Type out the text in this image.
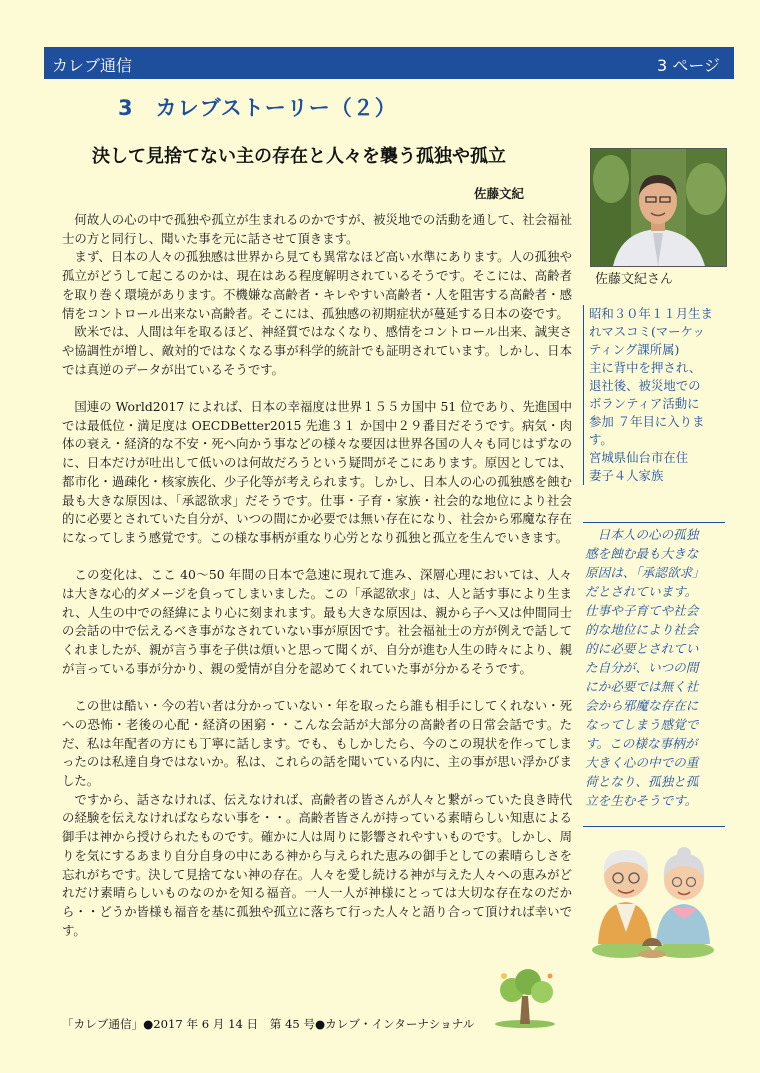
カレブ通信	3 ページ
3　カレブストーリー（２）
決して見捨てない主の存在と人々を襲う孤独や孤立
佐藤文紀

何故人の心の中で孤独や孤立が生まれるのかですが、被災地での活動を通して、社会福祉士の方と同行し、聞いた事を元に話させて頂きます。

まず、日本の人々の孤独感は世界から見ても異常なほど高い水準にあります。人の孤独や孤立がどうして起こるのかは、現在はある程度解明されているそうです。そこには、高齢者を取り巻く環境があります。不機嫌な高齢者・キレやすい高齢者・人を阻害する高齢者・感情をコントロール出来ない高齢者。そこには、孤独感の初期症状が蔓延する日本の姿です。

欧米では、人間は年を取るほど、神経質ではなくなり、感情をコントロール出来、誠実さや協調性が増し、敵対的ではなくなる事が科学的統計でも証明されています。しかし、日本では真逆のデータが出ているそうです。

国連の World2017 によれば、日本の幸福度は世界１５５カ国中 51 位であり、先進国中では最低位・満足度は OECDBetter2015 先進３１ か国中２９番目だそうです。病気・肉体の衰え・経済的な不安・死へ向かう事などの様々な要因は世界各国の人々も同じはずなのに、日本だけが吐出して低いのは何故だろうという疑問がそこにあります。原因としては、都市化・過疎化・核家族化、少子化等が考えられます。しかし、日本人の心の孤独感を蝕む最も大きな原因は、「承認欲求」だそうです。仕事・子育・家族・社会的な地位により社会的に必要とされていた自分が、いつの間にか必要では無い存在になり、社会から邪魔な存在になってしまう感覚です。この様な事柄が重なり心労となり孤独と孤立を生んでいきます。

この変化は、ここ 40〜50 年間の日本で急速に現れて進み、深層心理においては、人々は大きな心的ダメージを負ってしまいました。この「承認欲求」は、人と話す事により生まれ、人生の中での経緯により心に刻まれます。最も大きな原因は、親から子へ又は仲間同士の会話の中で伝えるべき事がなされていない事が原因です。社会福祉士の方が例えで話してくれましたが、親が言う事を子供は煩いと思って聞くが、自分が進む人生の時々により、親が言っている事が分かり、親の愛情が自分を認めてくれていた事が分かるそうです。

この世は酷い・今の若い者は分かっていない・年を取ったら誰も相手にしてくれない・死への恐怖・老後の心配・経済の困窮・・こんな会話が大部分の高齢者の日常会話です。ただ、私は年配者の方にも丁寧に話します。でも、もしかしたら、今のこの現状を作ってしまったのは私達自身ではないか。私は、これらの話を聞いている内に、主の事が思い浮かびました。

ですから、話さなければ、伝えなければ、高齢者の皆さんが人々と繋がっていた良き時代の経験を伝えなければならない事を・・。高齢者皆さんが持っている素晴らしい知恵による御手は神から授けられたものです。確かに人は周りに影響されやすいものです。しかし、周りを気にするあまり自分自身の中にある神から与えられた恵みの御手としての素晴らしさを忘れがちです。決して見捨てない神の存在。人々を愛し続ける神が与えた人々への恵みがどれだけ素晴らしいものなのかを知る福音。一人一人が神様にとっては大切な存在なのだから・・どうか皆様も福音を基に孤独や孤立に落ちて行った人々と語り合って頂ければ幸いです。

佐藤文紀さん
昭和３０年１１月生ま
れマスコミ(マーケッ
ティング課所属)
主に背中を押され、
退社後、被災地での
ボランティア活動に
参加 ７年目に入りま
す。
宮城県仙台市在住
妻子４人家族
　日本人の心の孤独
感を蝕む最も大きな
原因は、「承認欲求」
だとされています。
仕事や子育てや社会
的な地位により社会
的に必要とされてい
た自分が、いつの間
にか必要では無く社
会から邪魔な存在に
なってしまう感覚で
す。この様な事柄が
大きく心の中での重
荷となり、孤独と孤
立を生むそうです。
「カレブ通信」●2017 年 6 月 14 日　第 45 号●カレブ・インターナショナル
